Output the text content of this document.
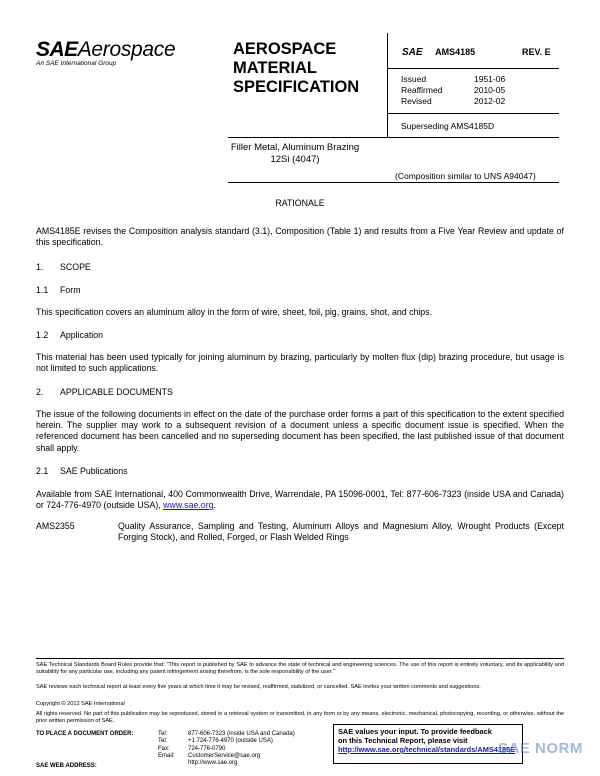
SAEAerospace
An SAE International Group
AEROSPACE
MATERIAL
SPECIFICATION
SAE AMS4185	REV. E
Issued	1951-06
Reaffirmed	2010-05
Revised	2012-02
Superseding AMS4185D
Filler Metal, Aluminum Brazing
12Si (4047)
(Composition similar to UNS A94047)
RATIONALE
AMS4185E revises the Composition analysis standard (3.1), Composition (Table 1) and results from a Five Year Review and update of this specification.
1. SCOPE
1.1 Form
This specification covers an aluminum alloy in the form of wire, sheet, foil, pig, grains, shot, and chips.
1.2 Application
This material has been used typically for joining aluminum by brazing, particularly by molten flux (dip) brazing procedure, but usage is not limited to such applications.
2. APPLICABLE DOCUMENTS
The issue of the following documents in effect on the date of the purchase order forms a part of this specification to the extent specified herein. The supplier may work to a subsequent revision of a document unless a specific document issue is specified. When the referenced document has been cancelled and no superseding document has been specified, the last published issue of that document shall apply.
2.1 SAE Publications
Available from SAE International, 400 Commonwealth Drive, Warrendale, PA 15096-0001, Tel: 877-606-7323 (inside USA and Canada) or 724-776-4970 (outside USA), www.sae.org.
AMS2355	Quality Assurance, Sampling and Testing, Aluminum Alloys and Magnesium Alloy, Wrought Products (Except Forging Stock), and Rolled, Forged, or Flash Welded Rings
SAE Technical Standards Board Rules provide that: "This report is published by SAE to advance the state of technical and engineering sciences. The use of this report is entirely voluntary, and its applicability and suitability for any particular use, including any patent infringement arising therefrom, is the sole responsibility of the user."
SAE reviews each technical report at least every five years at which time it may be revised, reaffirmed, stabilized, or cancelled. SAE invites your written comments and suggestions.
Copyright © 2012 SAE International
All rights reserved. No part of this publication may be reproduced, stored in a retrieval system or transmitted, in any form or by any means, electronic, mechanical, photocopying, recording, or otherwise, without the prior written permission of SAE.
TO PLACE A DOCUMENT ORDER:	Tel:	877-606-7323 (inside USA and Canada)
Tel:	+1 724-776-4970 (outside USA)
Fax:	724-776-0790
Email:	CustomerService@sae.org
http://www.sae.org
SAE WEB ADDRESS:
SAE values your input. To provide feedback
on this Technical Report, please visit
http://www.sae.org/technical/standards/AMS4185E
SAE NORM
